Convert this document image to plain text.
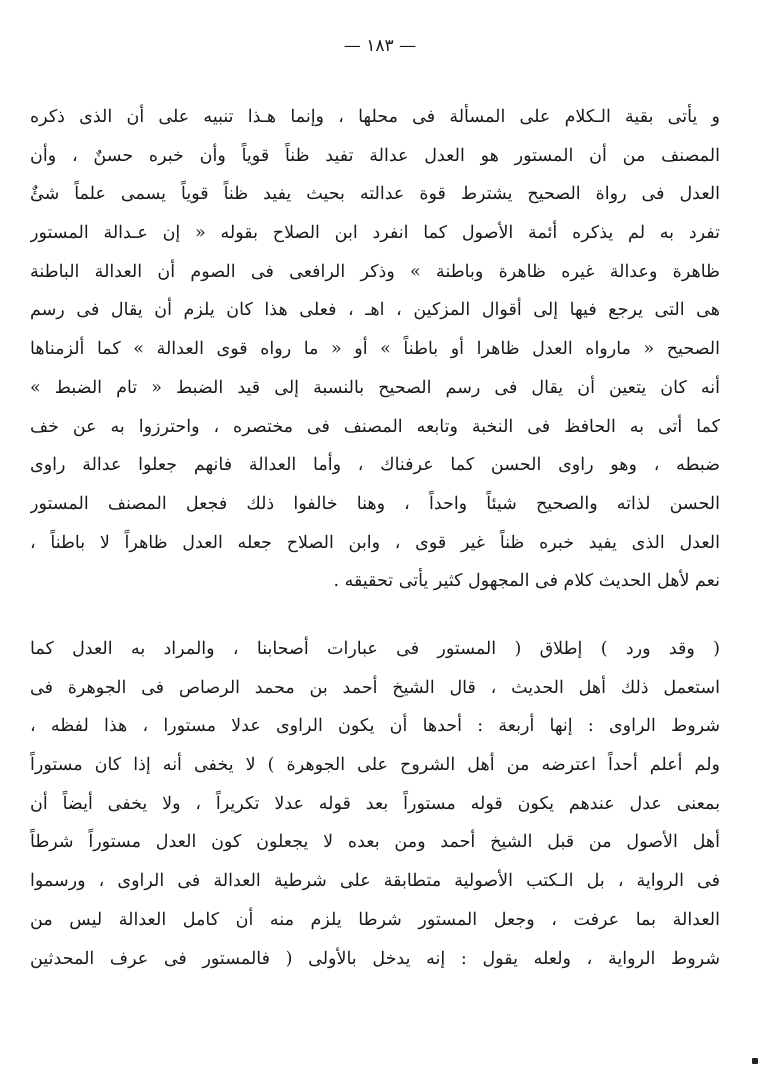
— ١٨٣ —
و يأتى بقية الـكلام على المسألة فى محلها ، وإنما هـذا تنبيه على أن الذى ذكره
المصنف من أن المستور هو العدل عدالة تفيد ظناً قوياً وأن خبره حسنٌ ، وأن
العدل فى رواة الصحيح يشترط قوة عدالته بحيث يفيد ظناً قوياً يسمى علماً شئٌ
تفرد به لم يذكره أئمة الأصول كما انفرد ابن الصلاح بقوله « إن عـدالة المستور
ظاهرة وعدالة غيره ظاهرة وباطنة » وذكر الرافعى فى الصوم أن العدالة الباطنة
هى التى يرجع فيها إلى أقوال المزكين ، اهـ ، فعلى هذا كان يلزم أن يقال فى رسم
الصحيح « مارواه العدل ظاهرا أو باطناً » أو « ما رواه قوى العدالة » كما ألزمناها
أنه كان يتعين أن يقال فى رسم الصحيح بالنسبة إلى قيد الضبط « تام الضبط »
كما أتى به الحافظ فى النخبة وتابعه المصنف فى مختصره ، واحترزوا به عن خف
ضبطه ، وهو راوى الحسن كما عرفناك ، وأما العدالة فانهم جعلوا عدالة راوى
الحسن لذاته والصحيح شيئاً واحداً ، وهنا خالفوا ذلك فجعل المصنف المستور
العدل الذى يفيد خبره ظناً غير قوى ، وابن الصلاح جعله العدل ظاهراً لا باطناً ،
نعم لأهل الحديث كلام فى المجهول كثير يأتى تحقيقه .
( وقد ورد ) إطلاق ( المستور فى عبارات أصحابنا ، والمراد به العدل كما
استعمل ذلك أهل الحديث ، قال الشيخ أحمد بن محمد الرصاص فى الجوهرة فى
شروط الراوى : إنها أربعة : أحدها أن يكون الراوى عدلا مستورا ، هذا لفظه ،
ولم أعلم أحداً اعترضه من أهل الشروح على الجوهرة ) لا يخفى أنه إذا كان مستوراً
بمعنى عدل عندهم يكون قوله مستوراً بعد قوله عدلا تكريراً ، ولا يخفى أيضاً أن
أهل الأصول من قبل الشيخ أحمد ومن بعده لا يجعلون كون العدل مستوراً شرطاً
فى الرواية ، بل الـكتب الأصولية متطابقة على شرطية العدالة فى الراوى ، ورسموا
العدالة بما عرفت ، وجعل المستور شرطا يلزم منه أن كامل العدالة ليس من
شروط الرواية ، ولعله يقول : إنه يدخل بالأولى ( فالمستور فى عرف المحدثين
